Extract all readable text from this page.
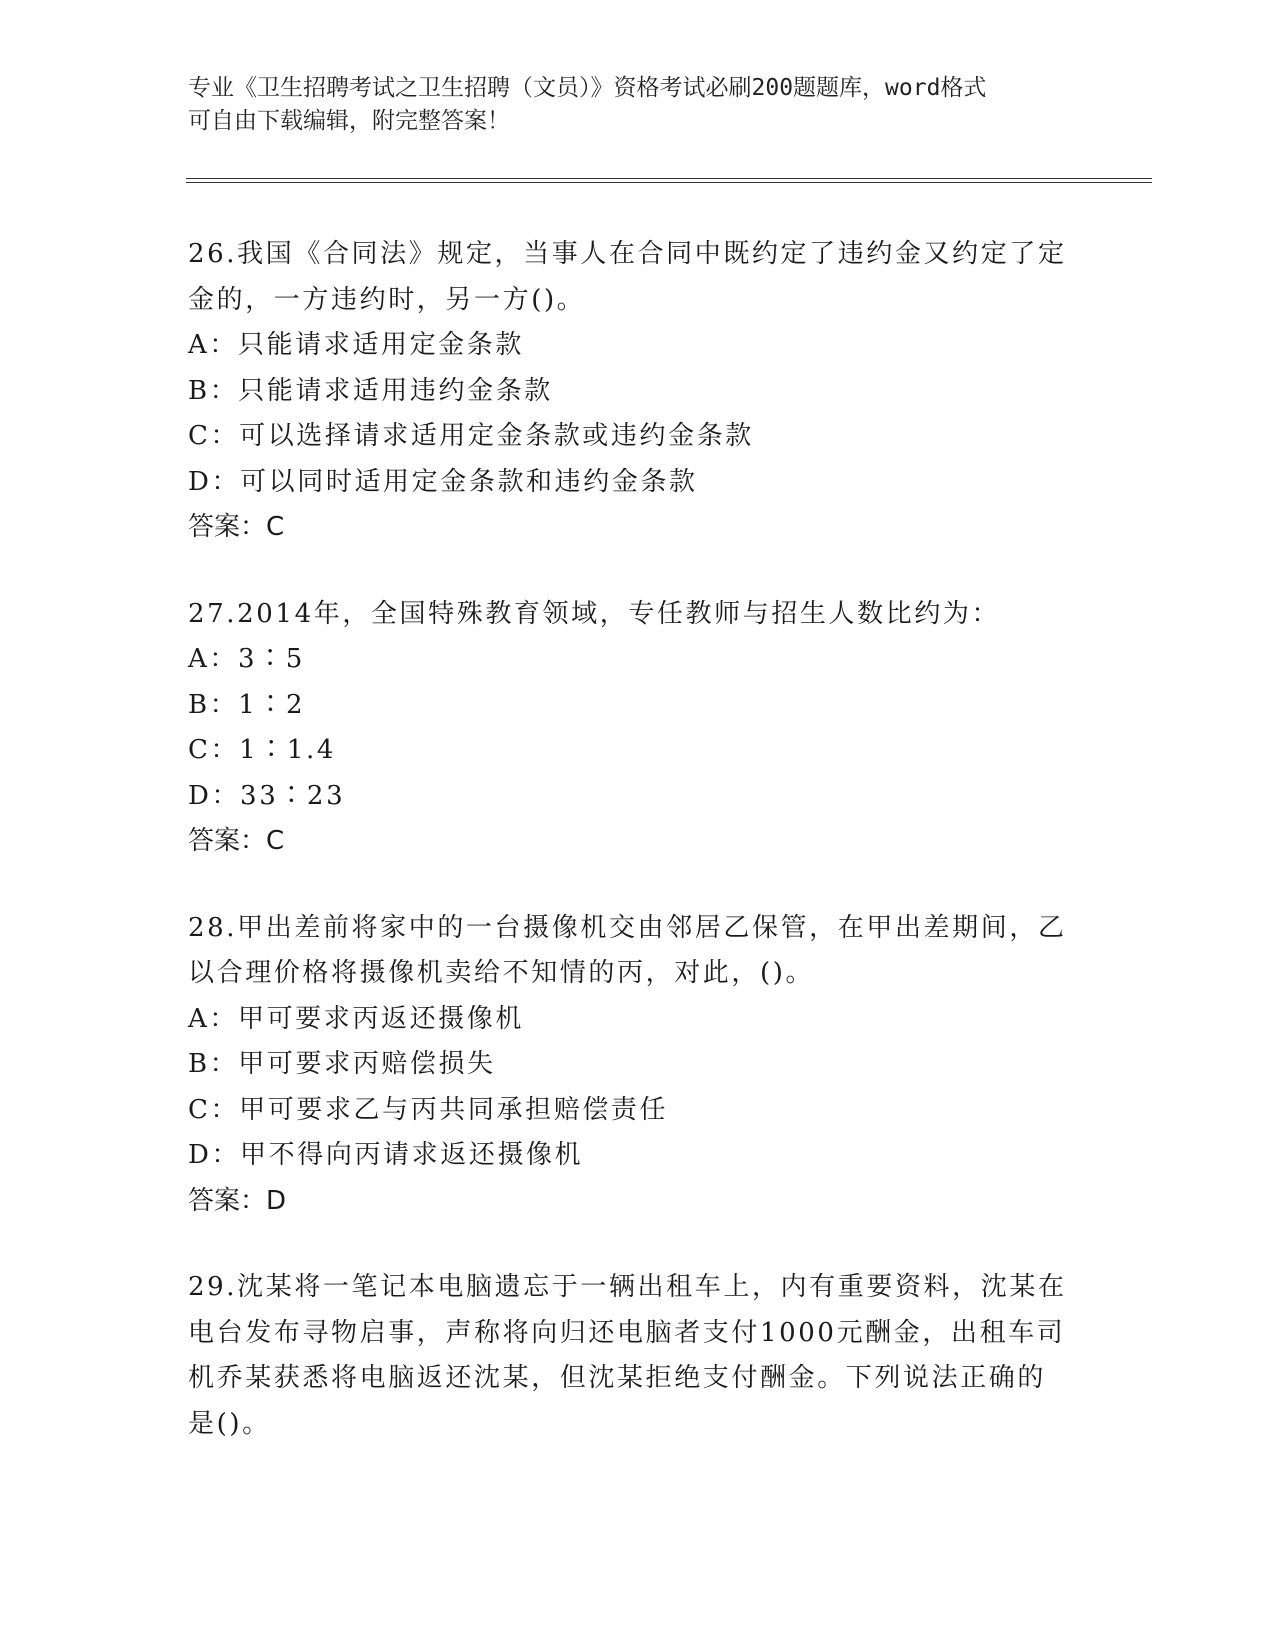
专业《卫生招聘考试之卫生招聘（文员）》资格考试必刷200题题库，word格式
可自由下载编辑，附完整答案！
26.我国《合同法》规定，当事人在合同中既约定了违约金又约定了定
金的，一方违约时，另一方()。
A：只能请求适用定金条款
B：只能请求适用违约金条款
C：可以选择请求适用定金条款或违约金条款
D：可以同时适用定金条款和违约金条款
答案：C
27.2014年，全国特殊教育领域，专任教师与招生人数比约为：
A：3∶5
B：1∶2
C：1∶1.4
D：33∶23
答案：C
28.甲出差前将家中的一台摄像机交由邻居乙保管，在甲出差期间，乙
以合理价格将摄像机卖给不知情的丙，对此，()。
A：甲可要求丙返还摄像机
B：甲可要求丙赔偿损失
C：甲可要求乙与丙共同承担赔偿责任
D：甲不得向丙请求返还摄像机
答案：D
29.沈某将一笔记本电脑遗忘于一辆出租车上，内有重要资料，沈某在
电台发布寻物启事，声称将向归还电脑者支付1000元酬金，出租车司
机乔某获悉将电脑返还沈某，但沈某拒绝支付酬金。下列说法正确的
是()。
